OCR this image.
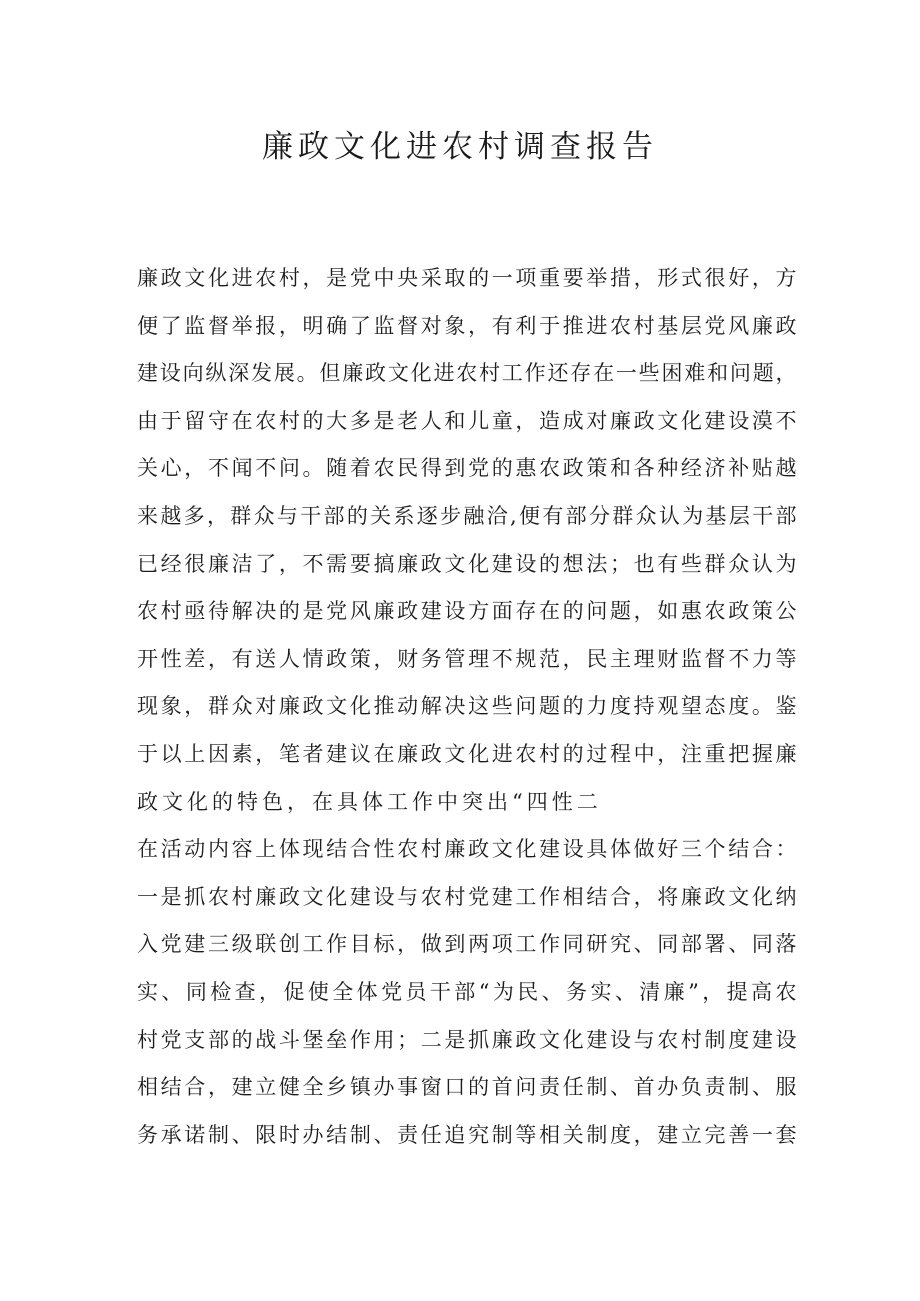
廉政文化进农村调查报告
廉政文化进农村，是党中央采取的一项重要举措，形式很好，方
便了监督举报，明确了监督对象，有利于推进农村基层党风廉政
建设向纵深发展。但廉政文化进农村工作还存在一些困难和问题，
由于留守在农村的大多是老人和儿童，造成对廉政文化建设漠不
关心，不闻不问。随着农民得到党的惠农政策和各种经济补贴越
来越多，群众与干部的关系逐步融洽,便有部分群众认为基层干部
已经很廉洁了，不需要搞廉政文化建设的想法；也有些群众认为
农村亟待解决的是党风廉政建设方面存在的问题，如惠农政策公
开性差，有送人情政策，财务管理不规范，民主理财监督不力等
现象，群众对廉政文化推动解决这些问题的力度持观望态度。鉴
于以上因素，笔者建议在廉政文化进农村的过程中，注重把握廉
政文化的特色，在具体工作中突出“四性二
在活动内容上体现结合性农村廉政文化建设具体做好三个结合：
一是抓农村廉政文化建设与农村党建工作相结合，将廉政文化纳
入党建三级联创工作目标，做到两项工作同研究、同部署、同落
实、同检查，促使全体党员干部“为民、务实、清廉”，提高农
村党支部的战斗堡垒作用；二是抓廉政文化建设与农村制度建设
相结合，建立健全乡镇办事窗口的首问责任制、首办负责制、服
务承诺制、限时办结制、责任追究制等相关制度，建立完善一套
